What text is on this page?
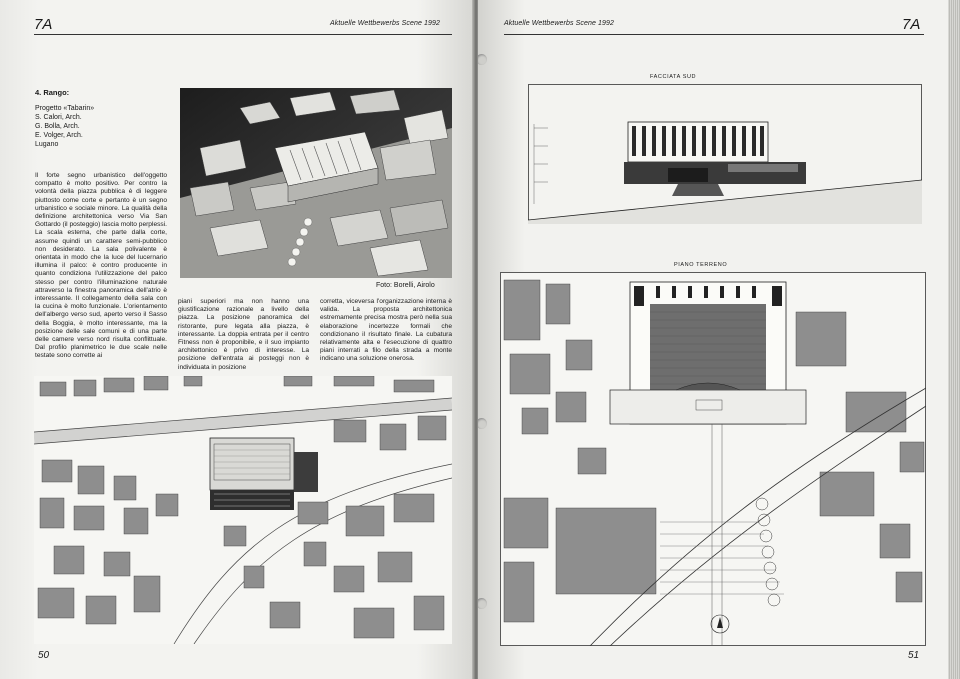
7A	Aktuelle Wettbewerbs Scene 1992
4. Rango:
Progetto «Tabarin»
S. Calori, Arch.
G. Bolla, Arch.
E. Volger, Arch.
Lugano
Il forte segno urbanistico dell'oggetto compatto è molto positivo. Per contro la volontà della piazza pubblica è di leggere piuttosto come corte e pertanto è un segno urbanistico e sociale minore. La qualità della definizione architettonica verso Via San Gottardo (il posteggio) lascia molto perplessi. La scala esterna, che parte dalla corte, assume quindi un carattere semi-pubblico non desiderato. La sala polivalente è orientata in modo che la luce del lucernario illumina il palco: è contro producente in quanto condiziona l'utilizzazione del palco stesso per contro l'illuminazione naturale attraverso la finestra panoramica dell'atrio è interessante. Il collegamento della sala con la cucina è molto funzionale. L'orientamento dell'albergo verso sud, aperto verso il Sasso della Boggia, è molto interessante, ma la posizione delle sale comuni e di una parte delle camere verso nord risulta conflittuale. Dal profilo planimetrico le due scale nelle testate sono corrette ai
piani superiori ma non hanno una giustificazione razionale a livello della piazza. La posizione panoramica del ristorante, pure legata alla piazza, è interessante. La doppia entrata per il centro Fitness non è proponibile, e il suo impianto architettonico è privo di interesse. La posizione dell'entrata ai posteggi non è individuata in posizione
corretta, viceversa l'organizzazione interna è valida. La proposta architettonica estremamente precisa mostra però nella sua elaborazione incertezze formali che condizionano il risultato finale. La cubatura relativamente alta e l'esecuzione di quattro piani interrati a filo della strada a monte indicano una soluzione onerosa.
Foto: Borelli, Airolo
50
Aktuelle Wettbewerbs Scene 1992	7A
FACCIATA SUD
PIANO TERRENO
51
